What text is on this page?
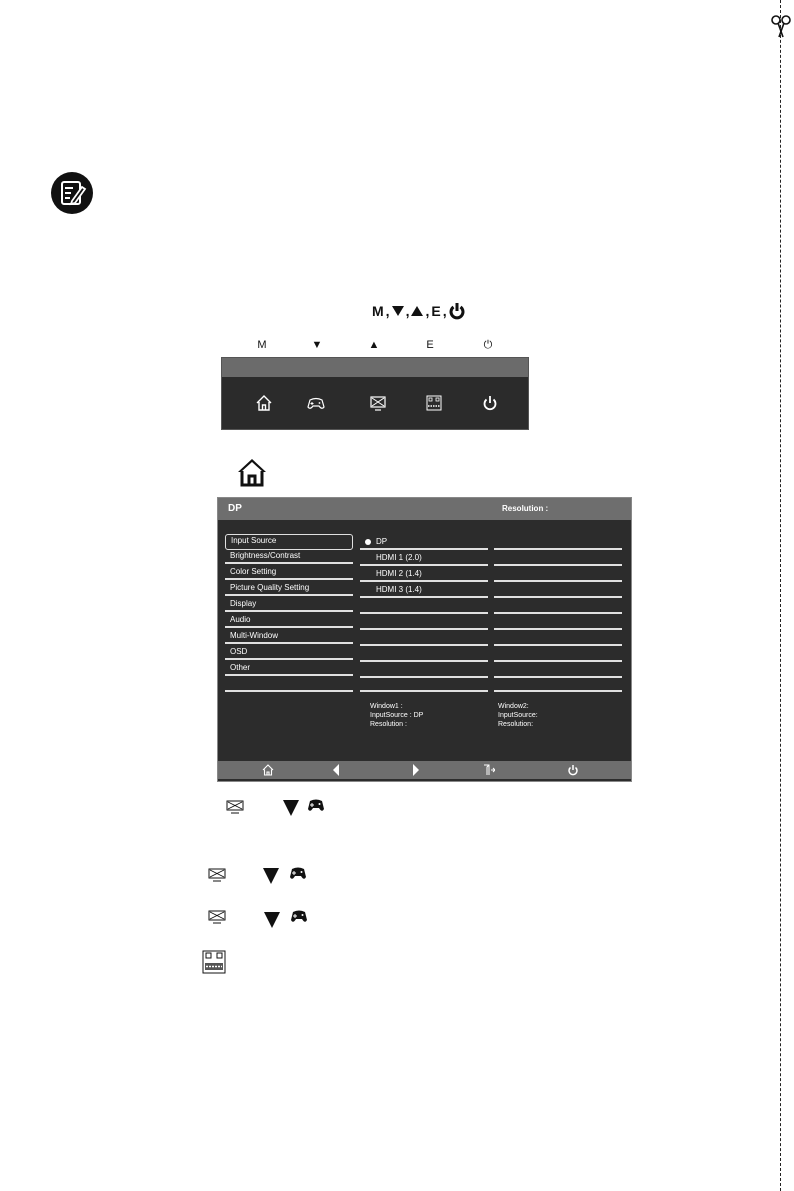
M , , , E ,
M	▼	▲	E	⏻
DP	Resolution :
Input Source
Brightness/Contrast
Color Setting
Picture Quality Setting
Display
Audio
Multi-Window
OSD
Other
DP
HDMI 1 (2.0)
HDMI 2 (1.4)
HDMI 3 (1.4)
Window1 :
InputSource : DP
Resolution :
Window2:
InputSource:
Resolution:
